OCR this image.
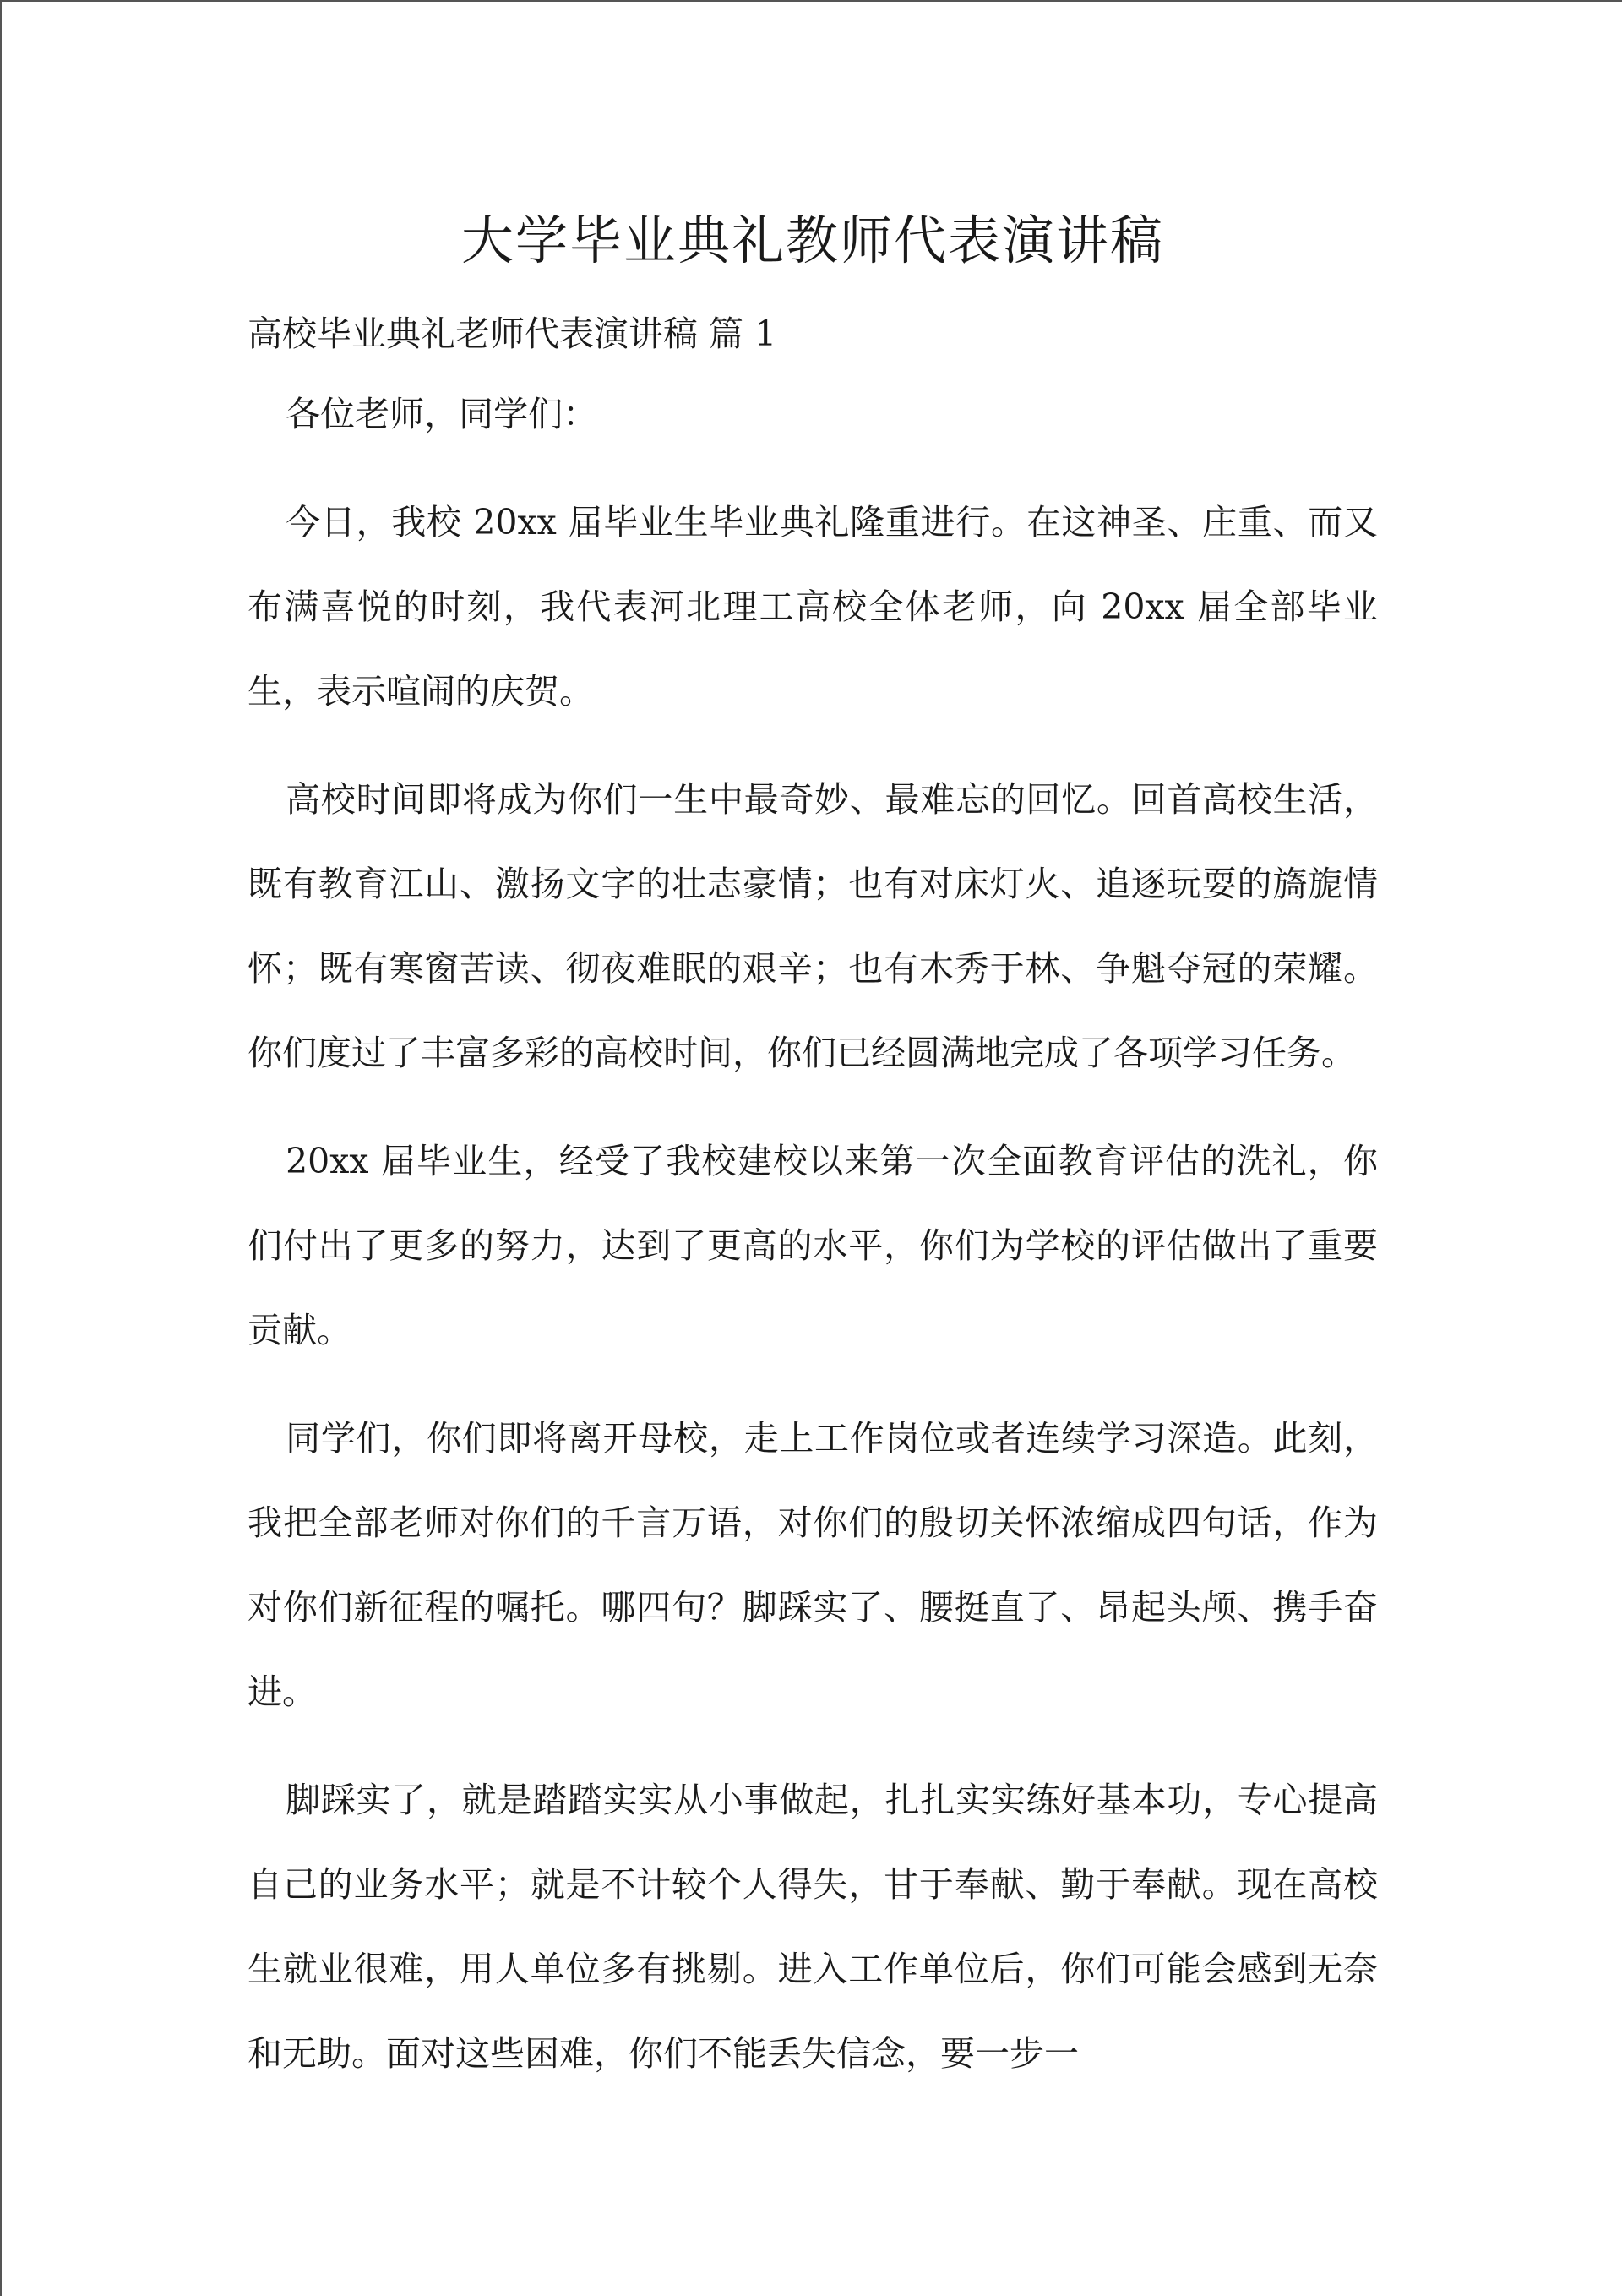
大学毕业典礼教师代表演讲稿

高校毕业典礼老师代表演讲稿 篇 1

各位老师，同学们：

今日，我校 20xx 届毕业生毕业典礼隆重进行。在这神圣、庄重、而又布满喜悦的时刻，我代表河北理工高校全体老师，向 20xx 届全部毕业生，表示喧闹的庆贺。

高校时间即将成为你们一生中最奇妙、最难忘的回忆。回首高校生活，既有教育江山、激扬文字的壮志豪情；也有对床灯火、追逐玩耍的旖旎情怀；既有寒窗苦读、彻夜难眠的艰辛；也有木秀于林、争魁夺冠的荣耀。你们度过了丰富多彩的高校时间，你们已经圆满地完成了各项学习任务。

20xx 届毕业生，经受了我校建校以来第一次全面教育评估的洗礼，你们付出了更多的努力，达到了更高的水平，你们为学校的评估做出了重要贡献。

同学们，你们即将离开母校，走上工作岗位或者连续学习深造。此刻，我把全部老师对你们的千言万语，对你们的殷切关怀浓缩成四句话，作为对你们新征程的嘱托。哪四句？脚踩实了、腰挺直了、昂起头颅、携手奋进。

脚踩实了，就是踏踏实实从小事做起，扎扎实实练好基本功，专心提高自己的业务水平；就是不计较个人得失，甘于奉献、勤于奉献。现在高校生就业很难，用人单位多有挑剔。进入工作单位后，你们可能会感到无奈和无助。面对这些困难，你们不能丢失信念，要一步一
